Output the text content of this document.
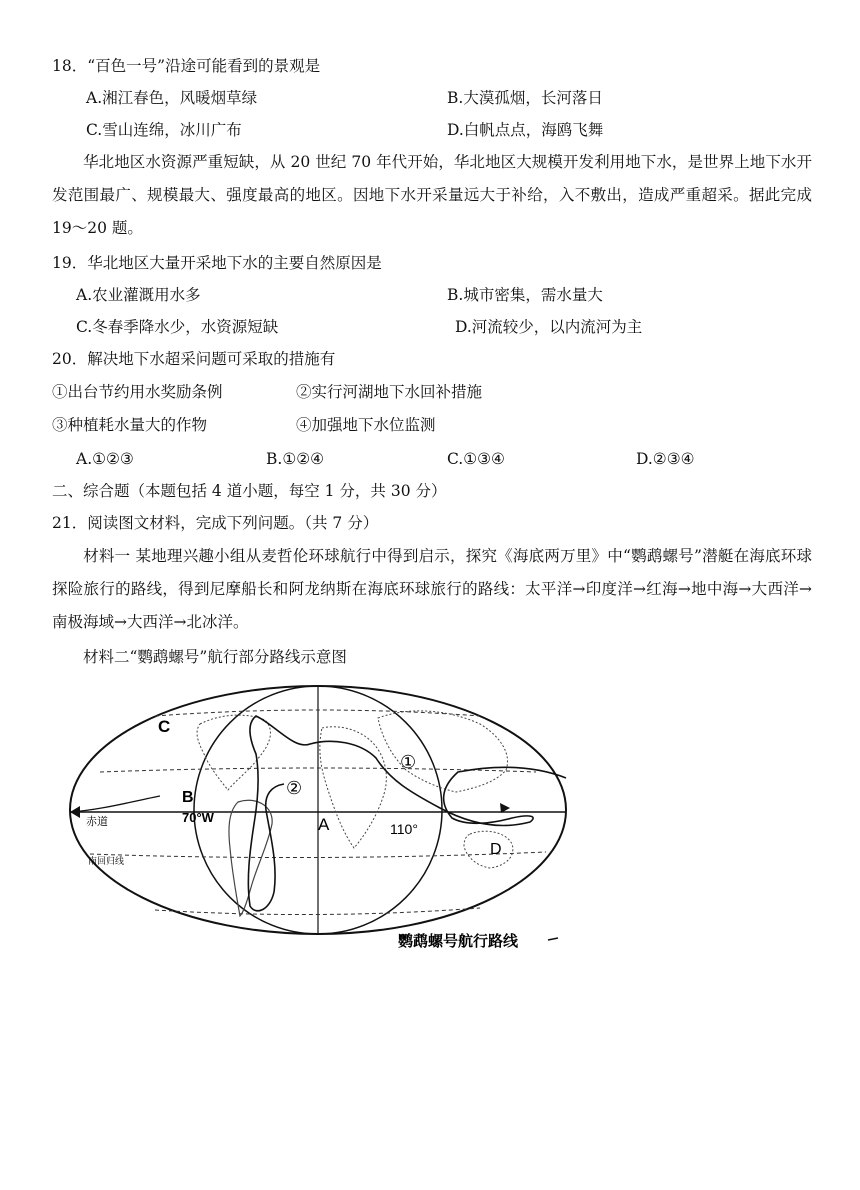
18．“百色一号”沿途可能看到的景观是
A.湘江春色，风暖烟草绿	B.大漠孤烟，长河落日
C.雪山连绵，冰川广布	D.白帆点点，海鸥飞舞
华北地区水资源严重短缺，从 20 世纪 70 年代开始，华北地区大规模开发利用地下水，是世界上地下水开发范围最广、规模最大、强度最高的地区。因地下水开采量远大于补给，入不敷出，造成严重超采。据此完成 19～20 题。
19．华北地区大量开采地下水的主要自然原因是
A.农业灌溉用水多	B.城市密集，需水量大
C.冬春季降水少，水资源短缺	D.河流较少，以内流河为主
20．解决地下水超采问题可采取的措施有
①出台节约用水奖励条例	②实行河湖地下水回补措施
③种植耗水量大的作物	④加强地下水位监测
A.①②③	B.①②④	C.①③④	D.②③④
二、综合题（本题包括 4 道小题，每空 1 分，共 30 分）
21．阅读图文材料，完成下列问题。（共 7 分）
材料一 某地理兴趣小组从麦哲伦环球航行中得到启示，探究《海底两万里》中“鹦鹉螺号”潜艇在海底环球探险旅行的路线，得到尼摩船长和阿龙纳斯在海底环球旅行的路线：太平洋→印度洋→红海→地中海→大西洋→南极海域→大西洋→北冰洋。
材料二“鹦鹉螺号”航行部分路线示意图
C
B
70°W
赤道
南回归线
②
A
①
110°
D
鹦鹉螺号航行路线
